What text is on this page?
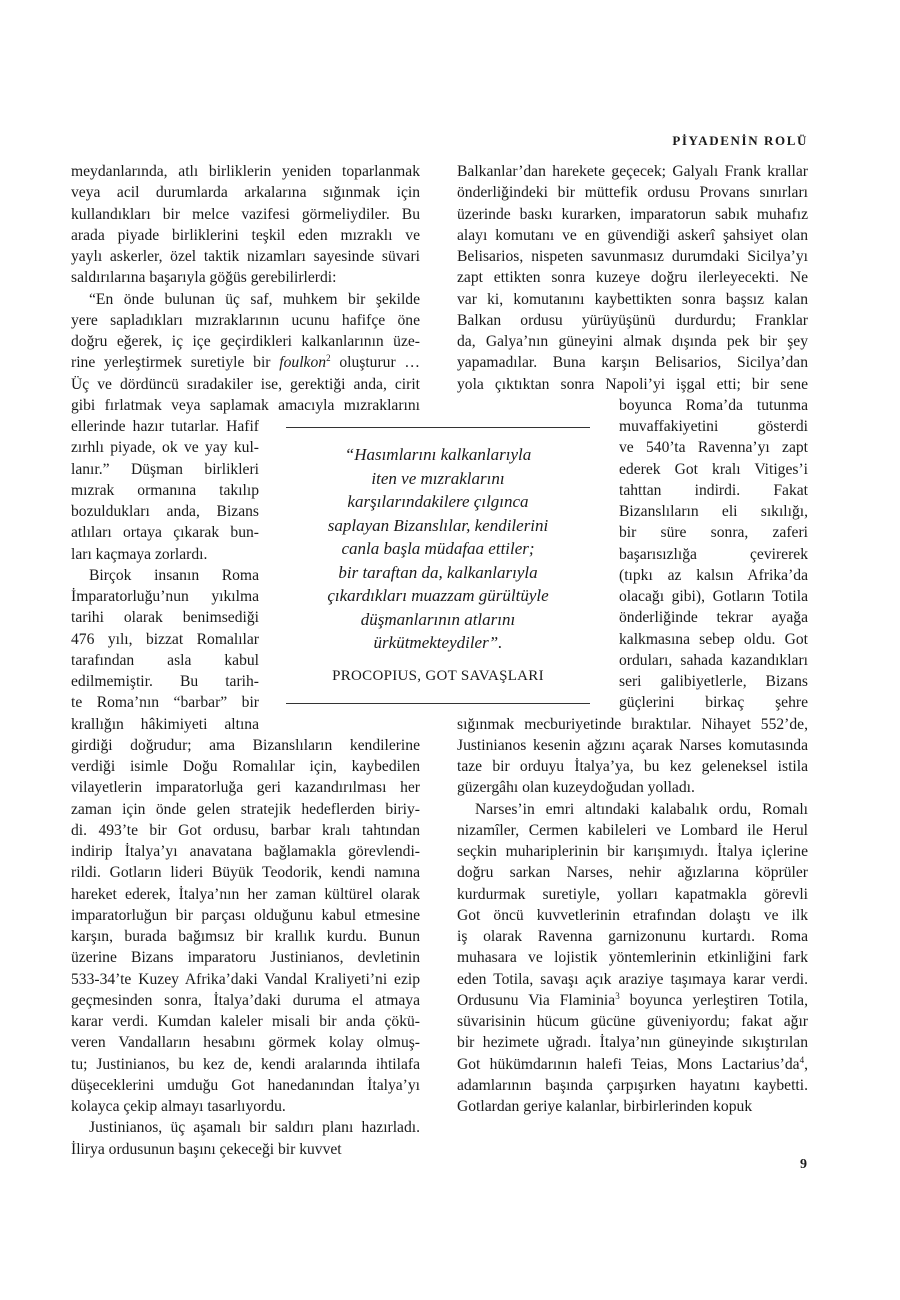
PİYADENİN ROLÜ
meydanlarında, atlı birliklerin yeniden toparlanmak
veya acil durumlarda arkalarına sığınmak için
kullandıkları bir melce vazifesi görmeliydiler. Bu
arada piyade birliklerini teşkil eden mızraklı ve
yaylı askerler, özel taktik nizamları sayesinde süvari
saldırılarına başarıyla göğüs gerebilirlerdi:
“En önde bulunan üç saf, muhkem bir şekilde
yere sapladıkları mızraklarının ucunu hafifçe öne
doğru eğerek, iç içe geçirdikleri kalkanlarının üze-
rine yerleştirmek suretiyle bir foulkon$^2$ oluşturur …
Üç ve dördüncü sıradakiler ise, gerektiği anda, cirit
gibi fırlatmak veya saplamak amacıyla mızraklarını
ellerinde hazır tutarlar. Hafif
zırhlı piyade, ok ve yay kul-
lanır.” Düşman birlikleri
mızrak ormanına takılıp
bozuldukları anda, Bizans
atlıları ortaya çıkarak bun-
ları kaçmaya zorlardı.
Birçok insanın Roma
İmparatorluğu’nun yıkılma
tarihi olarak benimsediği
476 yılı, bizzat Romalılar
tarafından asla kabul
edilmemiştir. Bu tarih-
te Roma’nın “barbar” bir
krallığın hâkimiyeti altına
girdiği doğrudur; ama Bizanslıların kendilerine
verdiği isimle Doğu Romalılar için, kaybedilen
vilayetlerin imparatorluğa geri kazandırılması her
zaman için önde gelen stratejik hedeflerden biriy-
di. 493’te bir Got ordusu, barbar kralı tahtından
indirip İtalya’yı anavatana bağlamakla görevlendi-
rildi. Gotların lideri Büyük Teodorik, kendi namına
hareket ederek, İtalya’nın her zaman kültürel olarak
imparatorluğun bir parçası olduğunu kabul etmesine
karşın, burada bağımsız bir krallık kurdu. Bunun
üzerine Bizans imparatoru Justinianos, devletinin
533-34’te Kuzey Afrika’daki Vandal Kraliyeti’ni ezip
geçmesinden sonra, İtalya’daki duruma el atmaya
karar verdi. Kumdan kaleler misali bir anda çökü-
veren Vandalların hesabını görmek kolay olmuş-
tu; Justinianos, bu kez de, kendi aralarında ihtilafa
düşeceklerini umduğu Got hanedanından İtalya’yı
kolayca çekip almayı tasarlıyordu.
Justinianos, üç aşamalı bir saldırı planı hazırladı.
İlirya ordusunun başını çekeceği bir kuvvet
Balkanlar’dan harekete geçecek; Galyalı Frank krallar
önderliğindeki bir müttefik ordusu Provans sınırları
üzerinde baskı kurarken, imparatorun sabık muhafız
alayı komutanı ve en güvendiği askerî şahsiyet olan
Belisarios, nispeten savunmasız durumdaki Sicilya’yı
zapt ettikten sonra kuzeye doğru ilerleyecekti. Ne
var ki, komutanını kaybettikten sonra başsız kalan
Balkan ordusu yürüyüşünü durdurdu; Franklar
da, Galya’nın güneyini almak dışında pek bir şey
yapamadılar. Buna karşın Belisarios, Sicilya’dan
yola çıktıktan sonra Napoli’yi işgal etti; bir sene
boyunca Roma’da tutunma
muvaffakiyetini gösterdi
ve 540’ta Ravenna’yı zapt
ederek Got kralı Vitiges’i
tahttan indirdi. Fakat
Bizanslıların eli sıkılığı,
bir süre sonra, zaferi
başarısızlığa çevirerek
(tıpkı az kalsın Afrika’da
olacağı gibi), Gotların Totila
önderliğinde tekrar ayağa
kalkmasına sebep oldu. Got
orduları, sahada kazandıkları
seri galibiyetlerle, Bizans
güçlerini birkaç şehre
sığınmak mecburiyetinde bıraktılar. Nihayet 552’de,
Justinianos kesenin ağzını açarak Narses komutasında
taze bir orduyu İtalya’ya, bu kez geleneksel istila
güzergâhı olan kuzeydoğudan yolladı.
Narses’in emri altındaki kalabalık ordu, Romalı
nizamîler, Cermen kabileleri ve Lombard ile Herul
seçkin muhariplerinin bir karışımıydı. İtalya içlerine
doğru sarkan Narses, nehir ağızlarına köprüler
kurdurmak suretiyle, yolları kapatmakla görevli
Got öncü kuvvetlerinin etrafından dolaştı ve ilk
iş olarak Ravenna garnizonunu kurtardı. Roma
muhasara ve lojistik yöntemlerinin etkinliğini fark
eden Totila, savaşı açık araziye taşımaya karar verdi.
Ordusunu Via Flaminia$^3$ boyunca yerleştiren Totila,
süvarisinin hücum gücüne güveniyordu; fakat ağır
bir hezimete uğradı. İtalya’nın güneyinde sıkıştırılan
Got hükümdarının halefi Teias, Mons $Lactarius’da^4$,
adamlarının başında çarpışırken hayatını kaybetti.
Gotlardan geriye kalanlar, birbirlerinden kopuk
“Hasımlarını kalkanlarıyla
iten ve mızraklarını
karşılarındakilere çılgınca
saplayan Bizanslılar, kendilerini
canla başla müdafaa ettiler;
bir taraftan da, kalkanlarıyla
çıkardıkları muazzam gürültüyle
düşmanlarının atlarını
ürkütmekteydiler”.
PROCOPIUS, GOT SAVAŞLARI
9
